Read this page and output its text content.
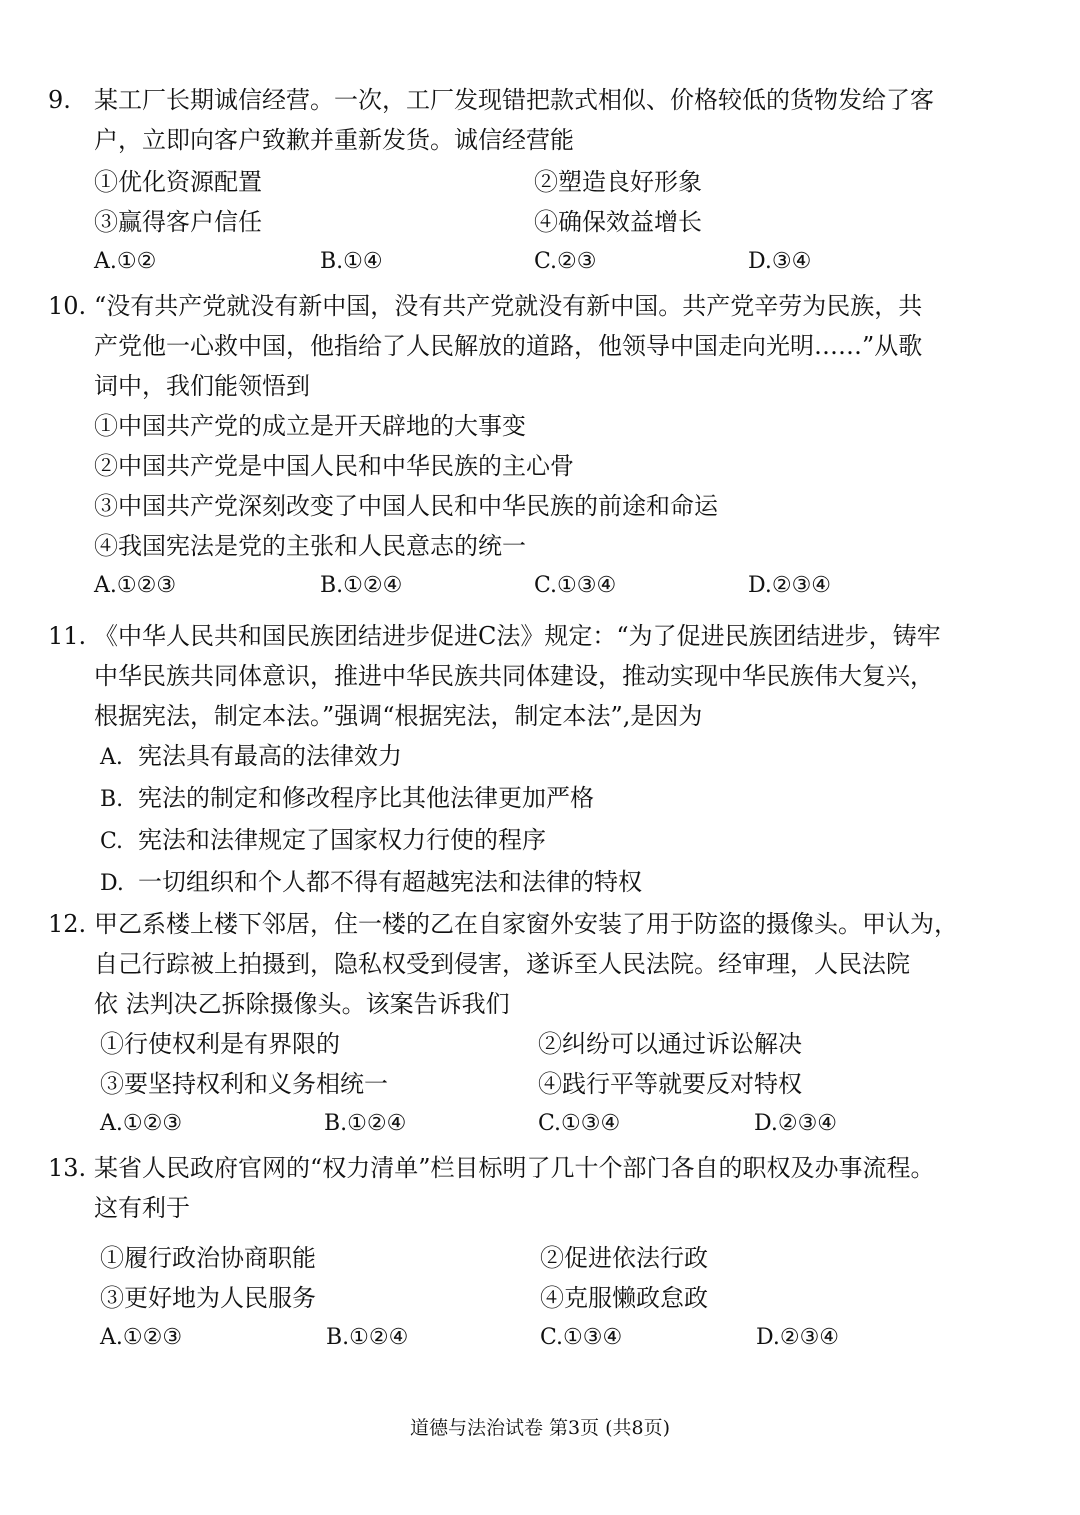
9. 某工厂长期诚信经营。一次，工厂发现错把款式相似、价格较低的货物发给了客
户，立即向客户致歉并重新发货。诚信经营能
①优化资源配置	②塑造良好形象
③赢得客户信任	④确保效益增长
A.①②	B.①④	C.②③	D.③④
10. “没有共产党就没有新中国，没有共产党就没有新中国。共产党辛劳为民族，共
产党他一心救中国，他指给了人民解放的道路，他领导中国走向光明……”从歌
词中，我们能领悟到
①中国共产党的成立是开天辟地的大事变
②中国共产党是中国人民和中华民族的主心骨
③中国共产党深刻改变了中国人民和中华民族的前途和命运
④我国宪法是党的主张和人民意志的统一
A.①②③	B.①②④	C.①③④	D.②③④
11. 《中华人民共和国民族团结进步促进C法》规定：“为了促进民族团结进步，铸牢
中华民族共同体意识，推进中华民族共同体建设，推动实现中华民族伟大复兴，
根据宪法，制定本法。”强调“根据宪法，制定本法”,是因为
A. 宪法具有最高的法律效力
B. 宪法的制定和修改程序比其他法律更加严格
C. 宪法和法律规定了国家权力行使的程序
D. 一切组织和个人都不得有超越宪法和法律的特权
12. 甲乙系楼上楼下邻居，住一楼的乙在自家窗外安装了用于防盗的摄像头。甲认为，
自己行踪被上拍摄到，隐私权受到侵害，遂诉至人民法院。经审理，人民法院
依 法判决乙拆除摄像头。该案告诉我们
①行使权利是有界限的	②纠纷可以通过诉讼解决
③要坚持权利和义务相统一	④践行平等就要反对特权
A.①②③	B.①②④	C.①③④	D.②③④
13. 某省人民政府官网的“权力清单”栏目标明了几十个部门各自的职权及办事流程。
这有利于
①履行政治协商职能	②促进依法行政
③更好地为人民服务	④克服懒政怠政
A.①②③	B.①②④	C.①③④	D.②③④
道德与法治试卷 第3页 (共8页)
